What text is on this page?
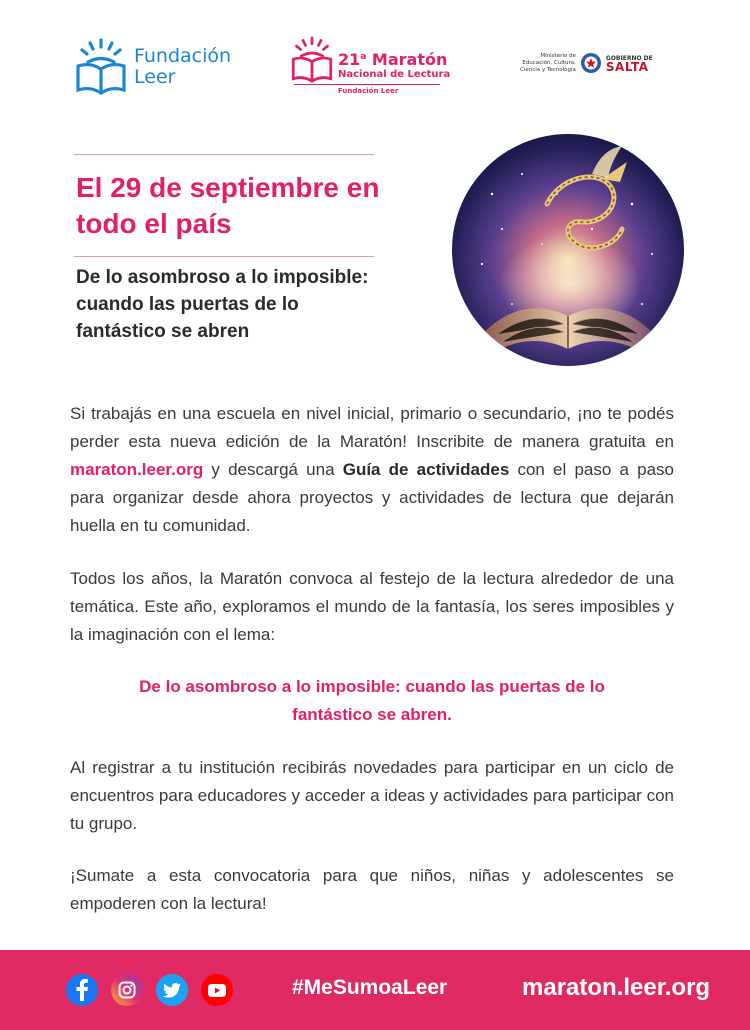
Fundación
Leer
21$^a$ Maratón
Nacional de Lectura
Fundación Leer
Ministerio de
Educación, Cultura,
Ciencia y Tecnología
GOBIERNO DE
SALTA
El 29 de septiembre en todo el país
De lo asombroso a lo imposible: cuando las puertas de lo fantástico se abren

Si trabajás en una escuela en nivel inicial, primario o secundario, ¡no te podés perder esta nueva edición de la Maratón! Inscribite de manera gratuita en maraton.leer.org y descargá una Guía de actividades con el paso a paso para organizar desde ahora proyectos y actividades de lectura que dejarán huella en tu comunidad.

Todos los años, la Maratón convoca al festejo de la lectura alrededor de una temática. Este año, exploramos el mundo de la fantasía, los seres imposibles y la imaginación con el lema:

De lo asombroso a lo imposible: cuando las puertas de lo
fantástico se abren.

Al registrar a tu institución recibirás novedades para participar en un ciclo de encuentros para educadores y acceder a ideas y actividades para participar con tu grupo.

¡Sumate a esta convocatoria para que niños, niñas y adolescentes se empoderen con la lectura!

#MeSumoaLeer	maraton.leer.org
